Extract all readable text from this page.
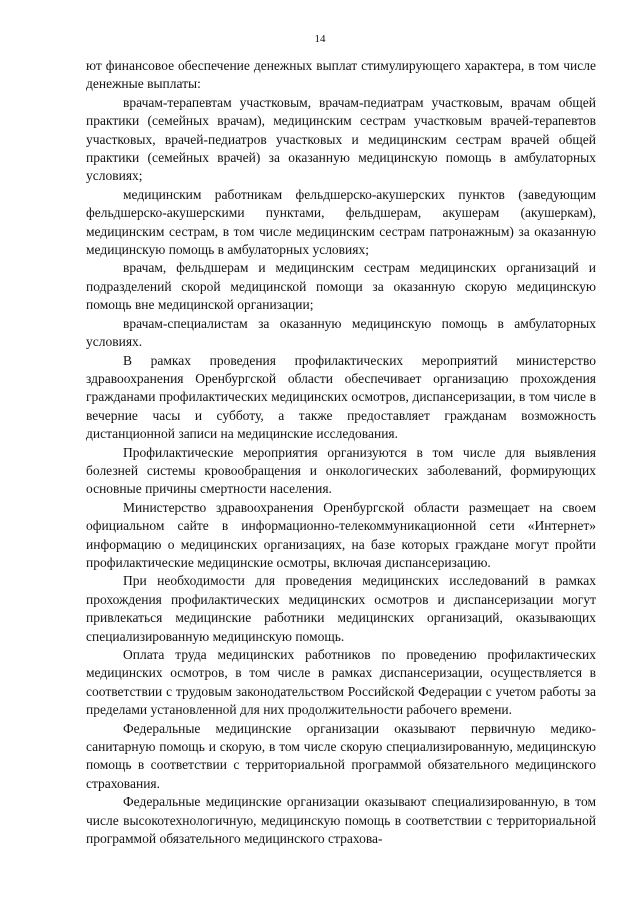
14

ют финансовое обеспечение денежных выплат стимулирующего характера, в том числе денежные выплаты:

врачам-терапевтам участковым, врачам-педиатрам участковым, врачам общей практики (семейных врачам), медицинским сестрам участковым врачей-терапевтов участковых, врачей-педиатров участковых и медицинским сестрам врачей общей практики (семейных врачей) за оказанную медицинскую помощь в амбулаторных условиях;

медицинским работникам фельдшерско-акушерских пунктов (заведующим фельдшерско-акушерскими пунктами, фельдшерам, акушерам (акушеркам), медицинским сестрам, в том числе медицинским сестрам патронажным) за оказанную медицинскую помощь в амбулаторных условиях;

врачам, фельдшерам и медицинским сестрам медицинских организаций и подразделений скорой медицинской помощи за оказанную скорую медицинскую помощь вне медицинской организации;

врачам-специалистам за оказанную медицинскую помощь в амбулаторных условиях.

В рамках проведения профилактических мероприятий министерство здравоохранения Оренбургской области обеспечивает организацию прохождения гражданами профилактических медицинских осмотров, диспансеризации, в том числе в вечерние часы и субботу, а также предоставляет гражданам возможность дистанционной записи на медицинские исследования.

Профилактические мероприятия организуются в том числе для выявления болезней системы кровообращения и онкологических заболеваний, формирующих основные причины смертности населения.

Министерство здравоохранения Оренбургской области размещает на своем официальном сайте в информационно-телекоммуникационной сети «Интернет» информацию о медицинских организациях, на базе которых граждане могут пройти профилактические медицинские осмотры, включая диспансеризацию.

При необходимости для проведения медицинских исследований в рамках прохождения профилактических медицинских осмотров и диспансеризации могут привлекаться медицинские работники медицинских организаций, оказывающих специализированную медицинскую помощь.

Оплата труда медицинских работников по проведению профилактических медицинских осмотров, в том числе в рамках диспансеризации, осуществляется в соответствии с трудовым законодательством Российской Федерации с учетом работы за пределами установленной для них продолжительности рабочего времени.

Федеральные медицинские организации оказывают первичную медико-санитарную помощь и скорую, в том числе скорую специализированную, медицинскую помощь в соответствии с территориальной программой обязательного медицинского страхования.

Федеральные медицинские организации оказывают специализированную, в том числе высокотехнологичную, медицинскую помощь в соответствии с территориальной программой обязательного медицинского страхова-
